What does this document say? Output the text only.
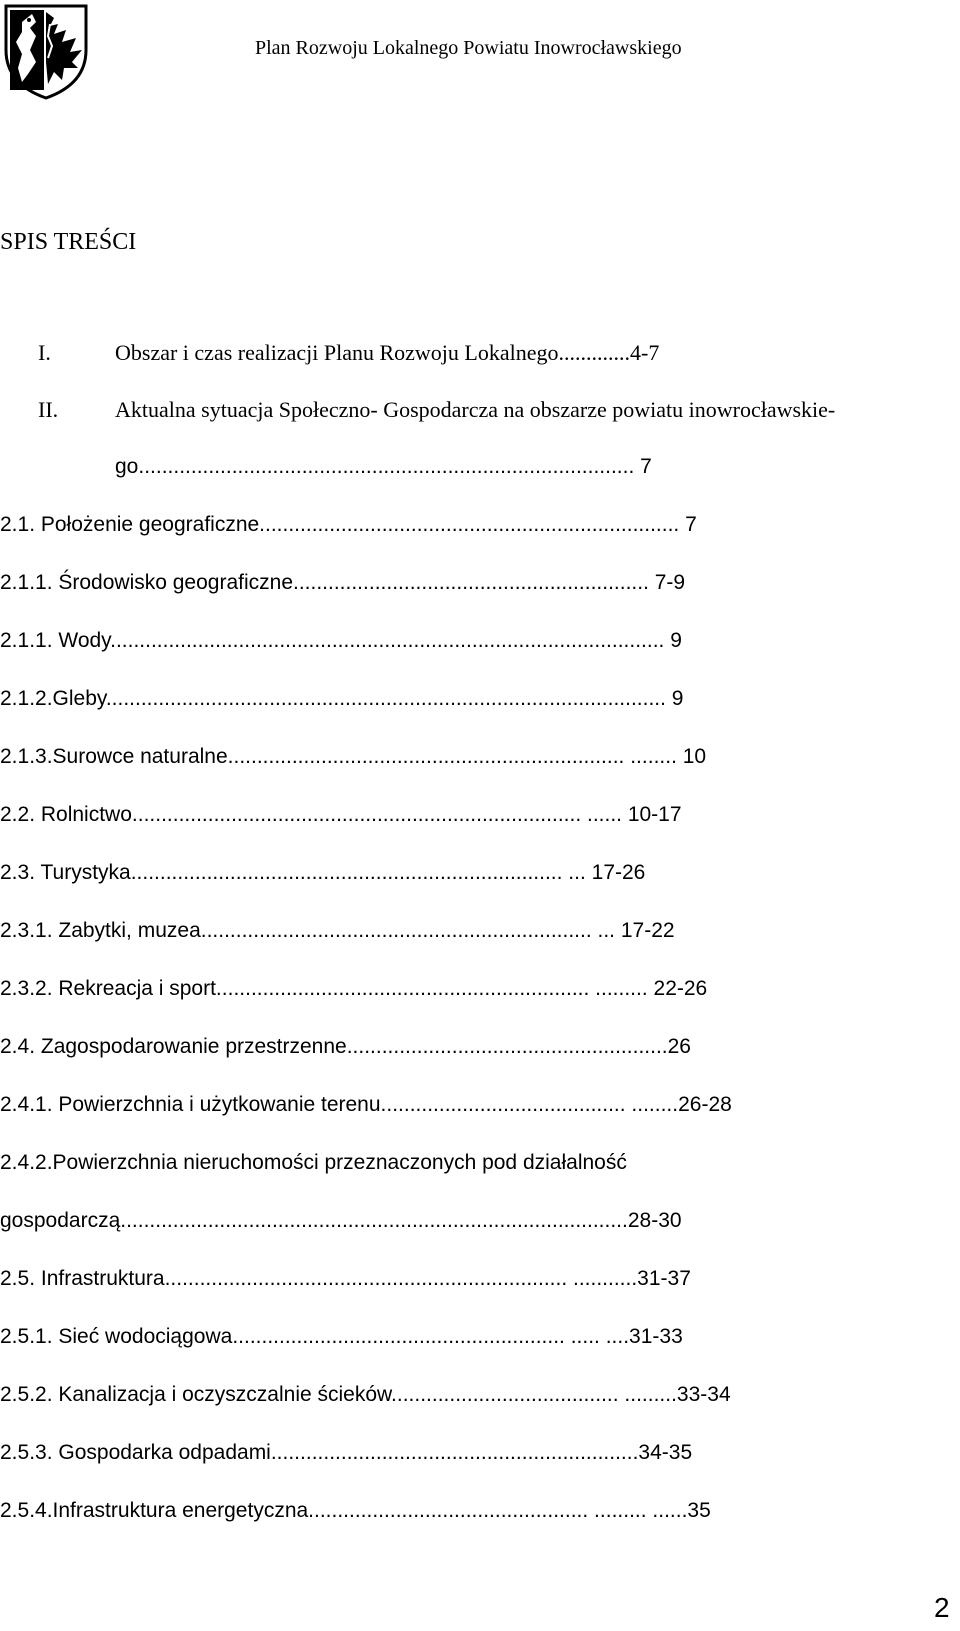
Plan Rozwoju Lokalnego Powiatu Inowrocławskiego
SPIS TREŚCI
I.	Obszar i czas realizacji Planu Rozwoju Lokalnego.............4-7
II.	Aktualna sytuacja Społeczno- Gospodarcza na obszarze powiatu inowrocławskie-
go..................................................................................... 7
2.1. Położenie geograficzne........................................................................ 7
2.1.1. Środowisko geograficzne............................................................. 7-9
2.1.1. Wody............................................................................................... 9
2.1.2.Gleby................................................................................................ 9
2.1.3.Surowce naturalne.................................................................... ........ 10
2.2. Rolnictwo............................................................................. ...... 10-17
2.3. Turystyka.......................................................................... ... 17-26
2.3.1. Zabytki, muzea................................................................... ... 17-22
2.3.2. Rekreacja i sport................................................................ ......... 22-26
2.4. Zagospodarowanie przestrzenne.......................................................26
2.4.1. Powierzchnia i użytkowanie terenu.......................................... ........26-28
2.4.2.Powierzchnia nieruchomości przeznaczonych pod działalność
gospodarczą.......................................................................................28-30
2.5. Infrastruktura..................................................................... ...........31-37
2.5.1. Sieć wodociągowa......................................................... ..... ....31-33
2.5.2. Kanalizacja i oczyszczalnie ścieków....................................... .........33-34
2.5.3. Gospodarka odpadami...............................................................34-35
2.5.4.Infrastruktura energetyczna................................................ ......... ......35
2
